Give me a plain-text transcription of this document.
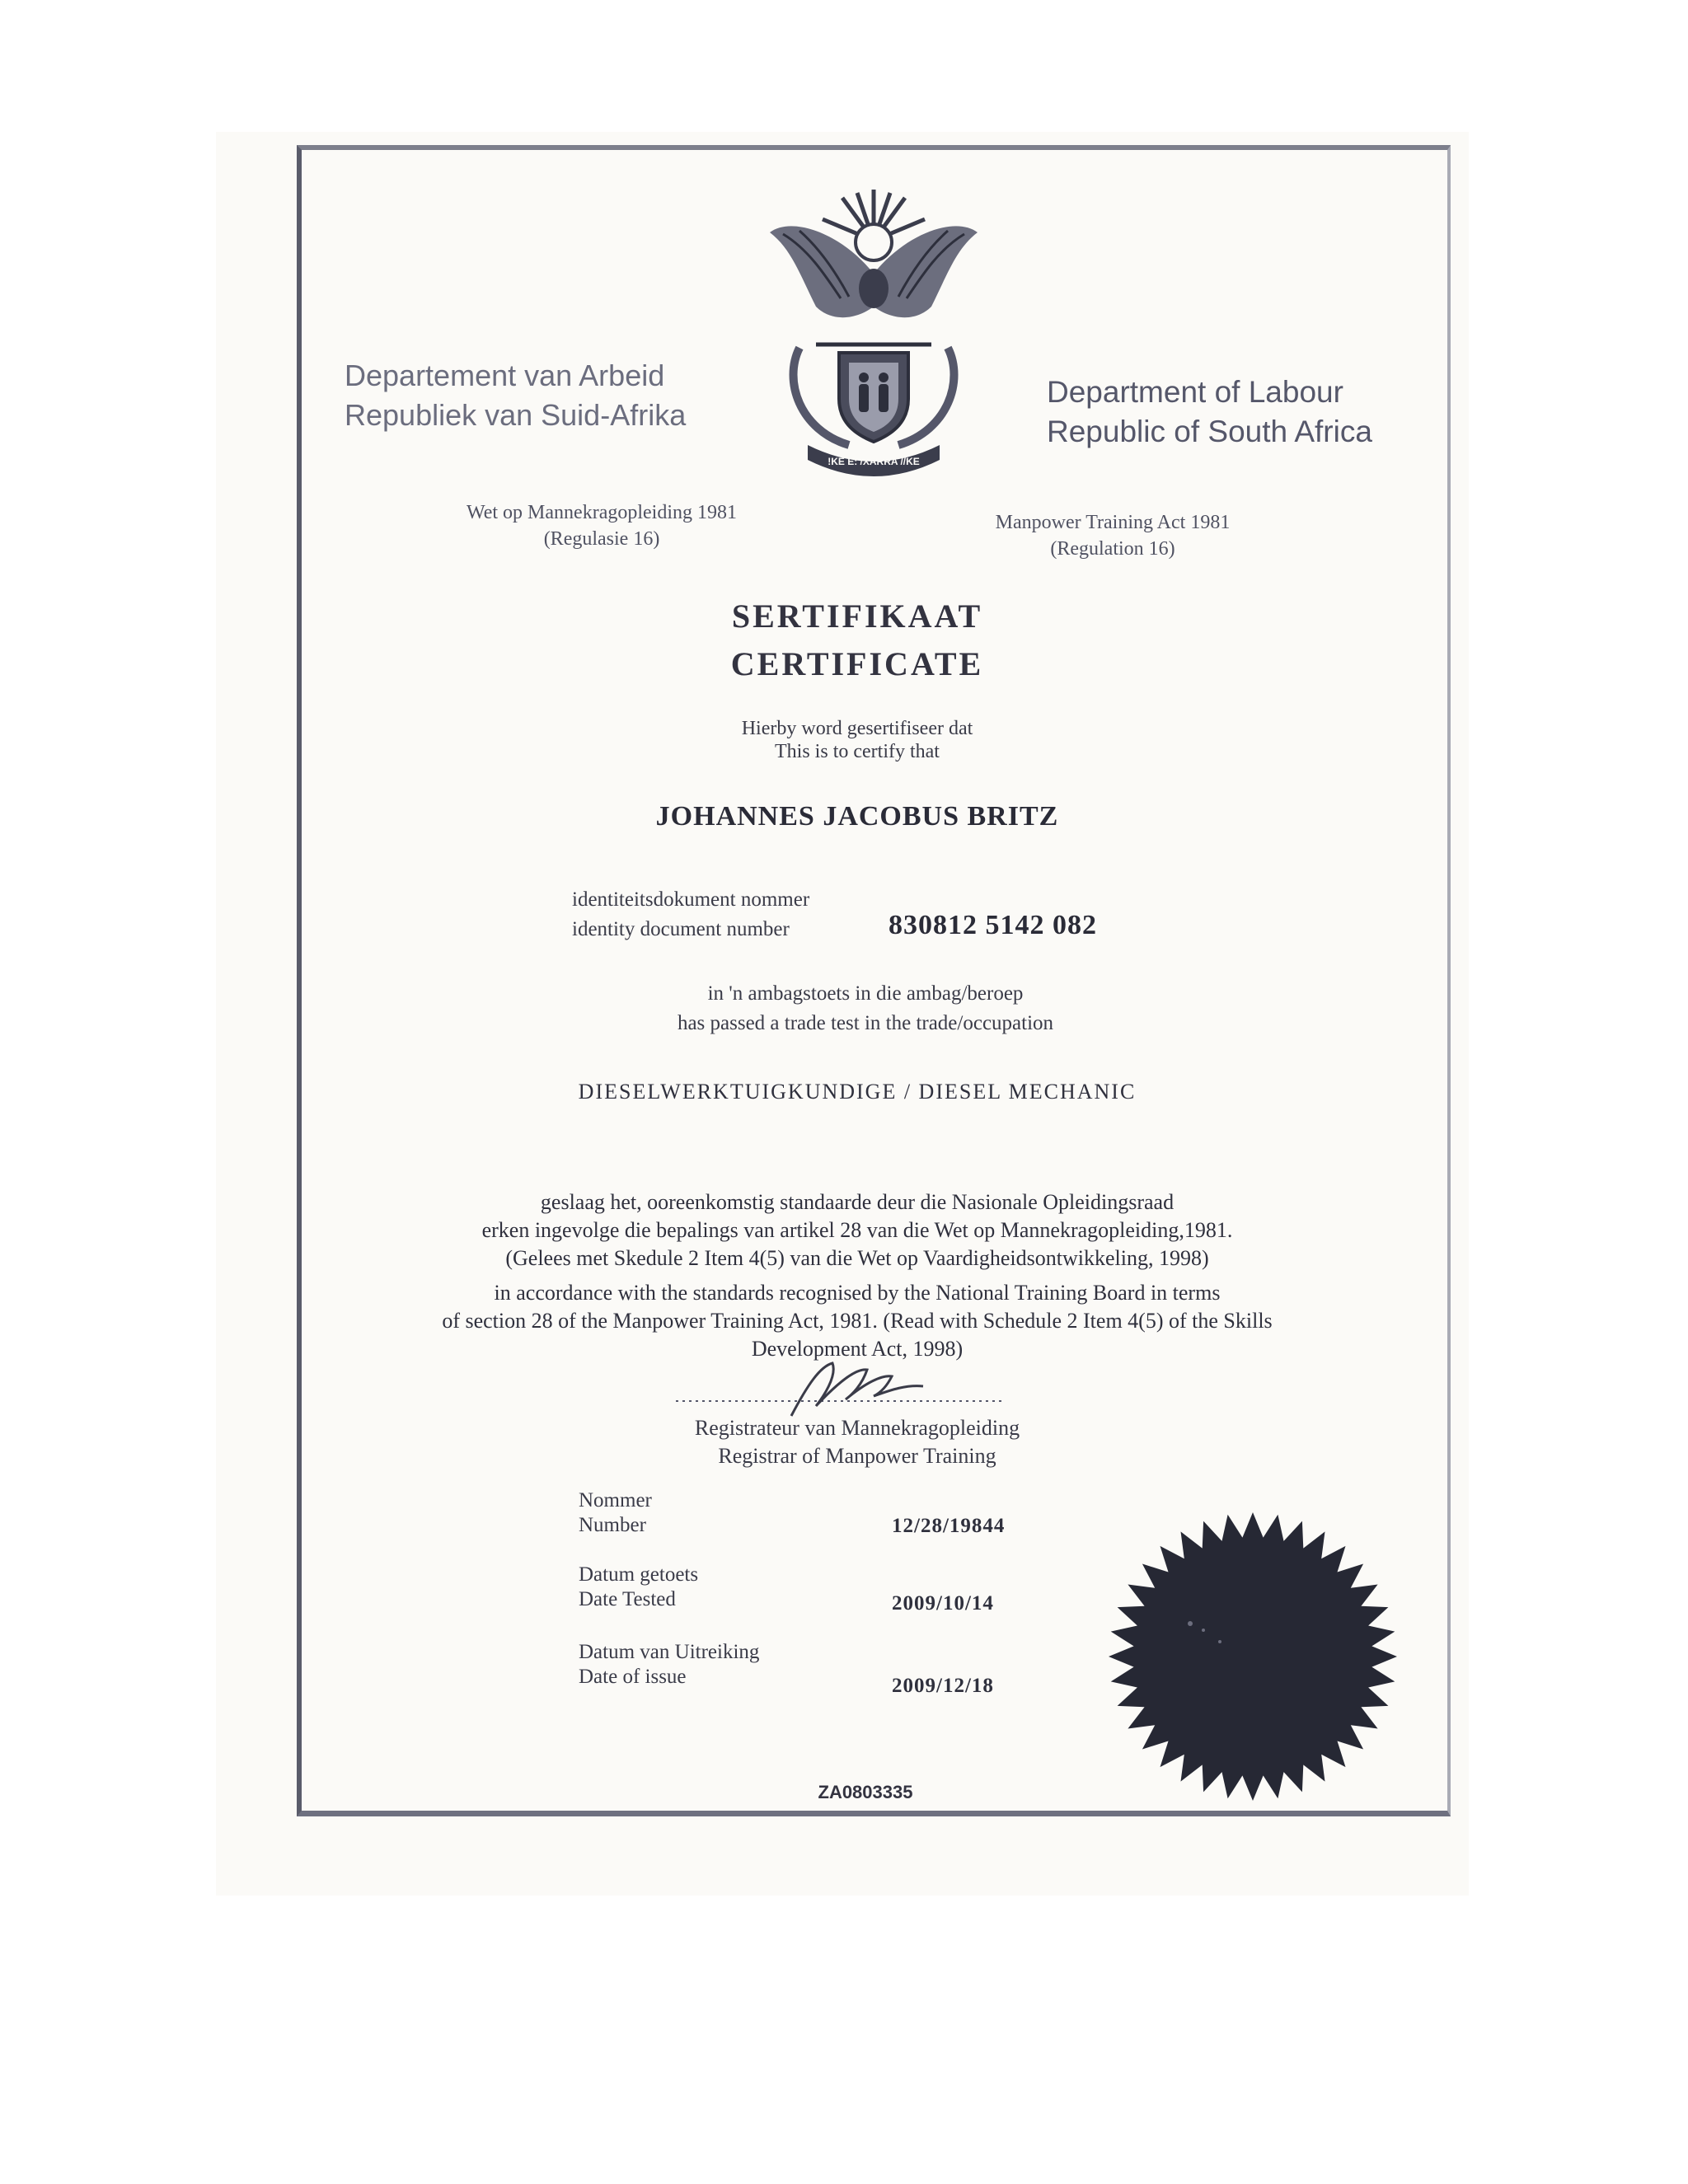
!KE E: /XARRA //KE
Departement van Arbeid
Republiek van Suid-Afrika
Department of Labour
Republic of South Africa
Wet op Mannekragopleiding 1981
(Regulasie 16)
Manpower Training Act 1981
(Regulation 16)
SERTIFIKAAT
CERTIFICATE
Hierby word gesertifiseer dat
This is to certify that
JOHANNES JACOBUS BRITZ
identiteitsdokument nommer
identity document number	830812 5142 082
in 'n ambagstoets in die ambag/beroep
has passed a trade test in the trade/occupation
DIESELWERKTUIGKUNDIGE / DIESEL MECHANIC
geslaag het, ooreenkomstig standaarde deur die Nasionale Opleidingsraad
erken ingevolge die bepalings van artikel 28 van die Wet op Mannekragopleiding,1981.
(Gelees met Skedule 2 Item 4(5) van die Wet op Vaardigheidsontwikkeling, 1998)
in accordance with the standards recognised by the National Training Board in terms
of section 28 of the Manpower Training Act, 1981. (Read with Schedule 2 Item 4(5) of the Skills
Development Act, 1998)
Registrateur van Mannekragopleiding
Registrar of Manpower Training
Nommer
Number	12/28/19844
Datum getoets
Date Tested	2009/10/14
Datum van Uitreiking
Date of issue	2009/12/18
ZA0803335
